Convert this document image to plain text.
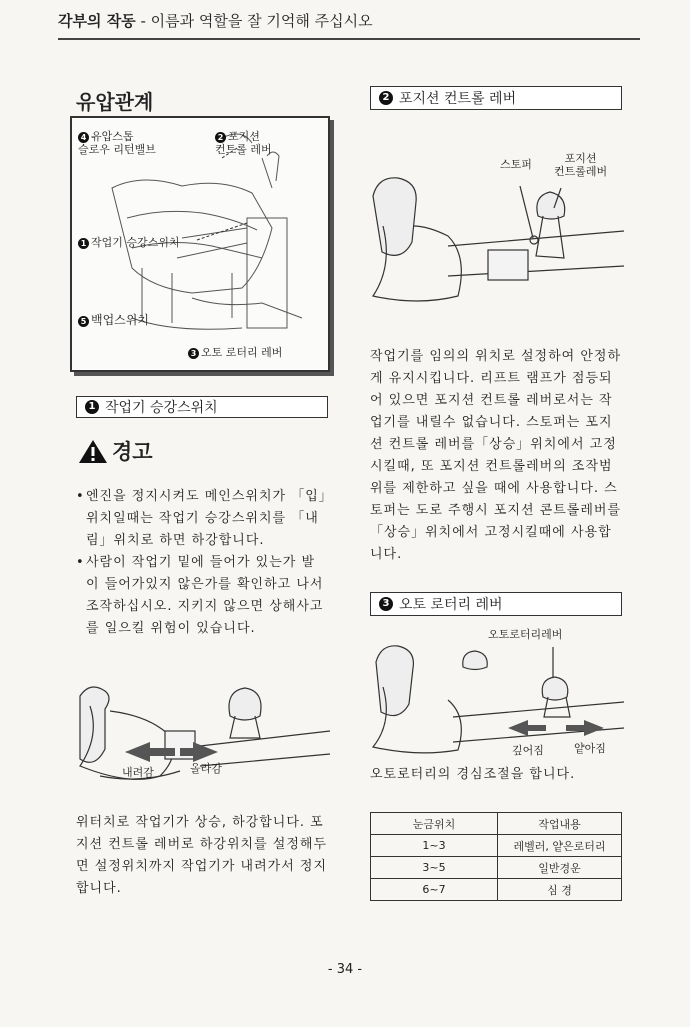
각부의 작동 - 이름과 역할을 잘 기억해 주십시오
유압관계
4 유압스톱
슬로우 리턴밸브
2 포지션
컨트롤 레버
1 작업기 승강스위치
5 백업스위치
3 오토 로터리 레버
1 작업기 승강스위치
경고
• 엔진을 정지시켜도 메인스위치가 「입」위치일때는 작업기 승강스위치를 「내림」위치로 하면 하강합니다.
• 사람이 작업기 밑에 들어가 있는가 발이 들어가있지 않은가를 확인하고 나서 조작하십시오. 지키지 않으면 상해사고를 일으킬 위험이 있습니다.
내려감	올라감
위터치로 작업기가 상승, 하강합니다. 포지션 컨트롤 레버로 하강위치를 설정해두면 설정위치까지 작업기가 내려가서 정지합니다.
2 포지션 컨트롤 레버
스토퍼	포지션
컨트롤레버
작업기를 임의의 위치로 설정하여 안정하게 유지시킵니다. 리프트 램프가 점등되어 있으면 포지션 컨트롤 레버로서는 작업기를 내릴수 없습니다. 스토퍼는 포지션 컨트롤 레버를「상승」위치에서 고정시킬때, 또 포지션 컨트롤레버의 조작범위를 제한하고 싶을 때에 사용합니다. 스토퍼는 도로 주행시 포지션 콘트롤레버를「상승」위치에서 고정시킬때에 사용합니다.
3 오토 로터리 레버
오토로터리레버
깊어짐	얕아짐
오토로터리의 경심조절을 합니다.
눈금위치	작업내용
1~3	레벨러, 얕은로터리
3~5	일반경운
6~7	심 경
- 34 -
